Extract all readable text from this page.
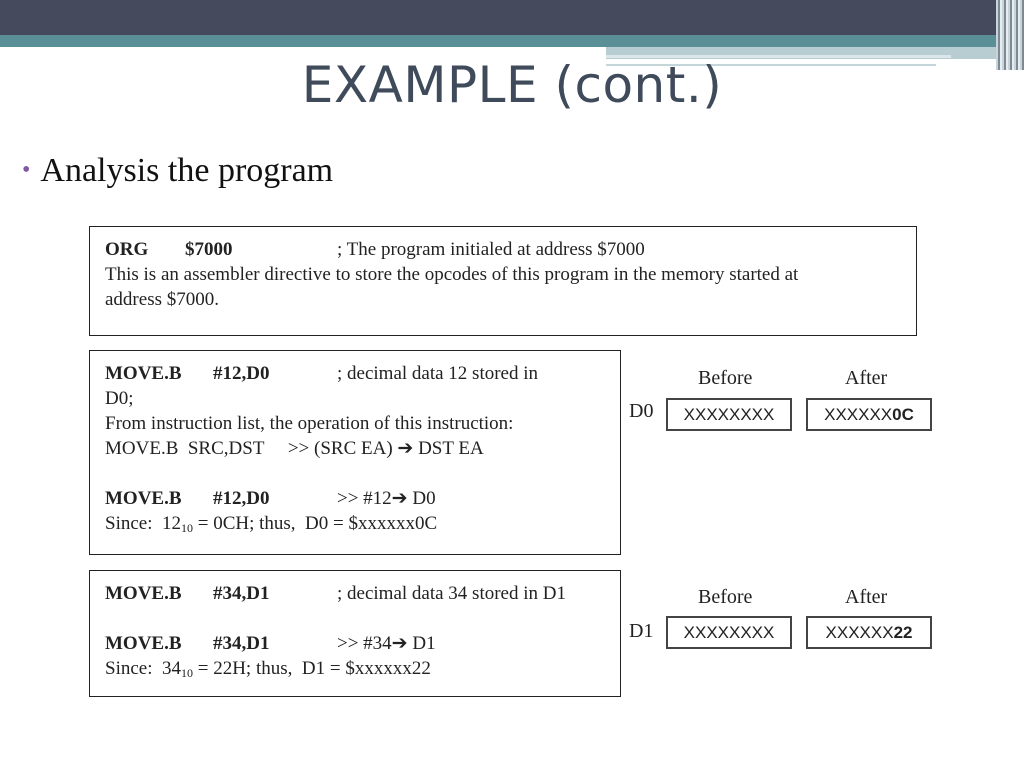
EXAMPLE (cont.)
• Analysis the program
ORG $7000	; The program initialed at address $7000
This is an assembler directive to store the opcodes of this program in the memory started at
address $7000.
MOVE.B #12,D0	; decimal data 12 stored in
D0;
From instruction list, the operation of this instruction:
MOVE.B  SRC,DST     >> (SRC EA) ➔ DST EA

MOVE.B #12,D0	>> #12➔ D0
Since:  $12_{10} = 0CH$; thus,  D0 = $xxxxxx0C
MOVE.B #34,D1	; decimal data 34 stored in D1

MOVE.B #34,D1	>> #34➔ D1
Since:  $34_{10} = 22H$; thus,  D1 = $xxxxxx22
Before	After
D0	XXXXXXXX	XXXXXX0C
Before	After
D1	XXXXXXXX	XXXXXX22
